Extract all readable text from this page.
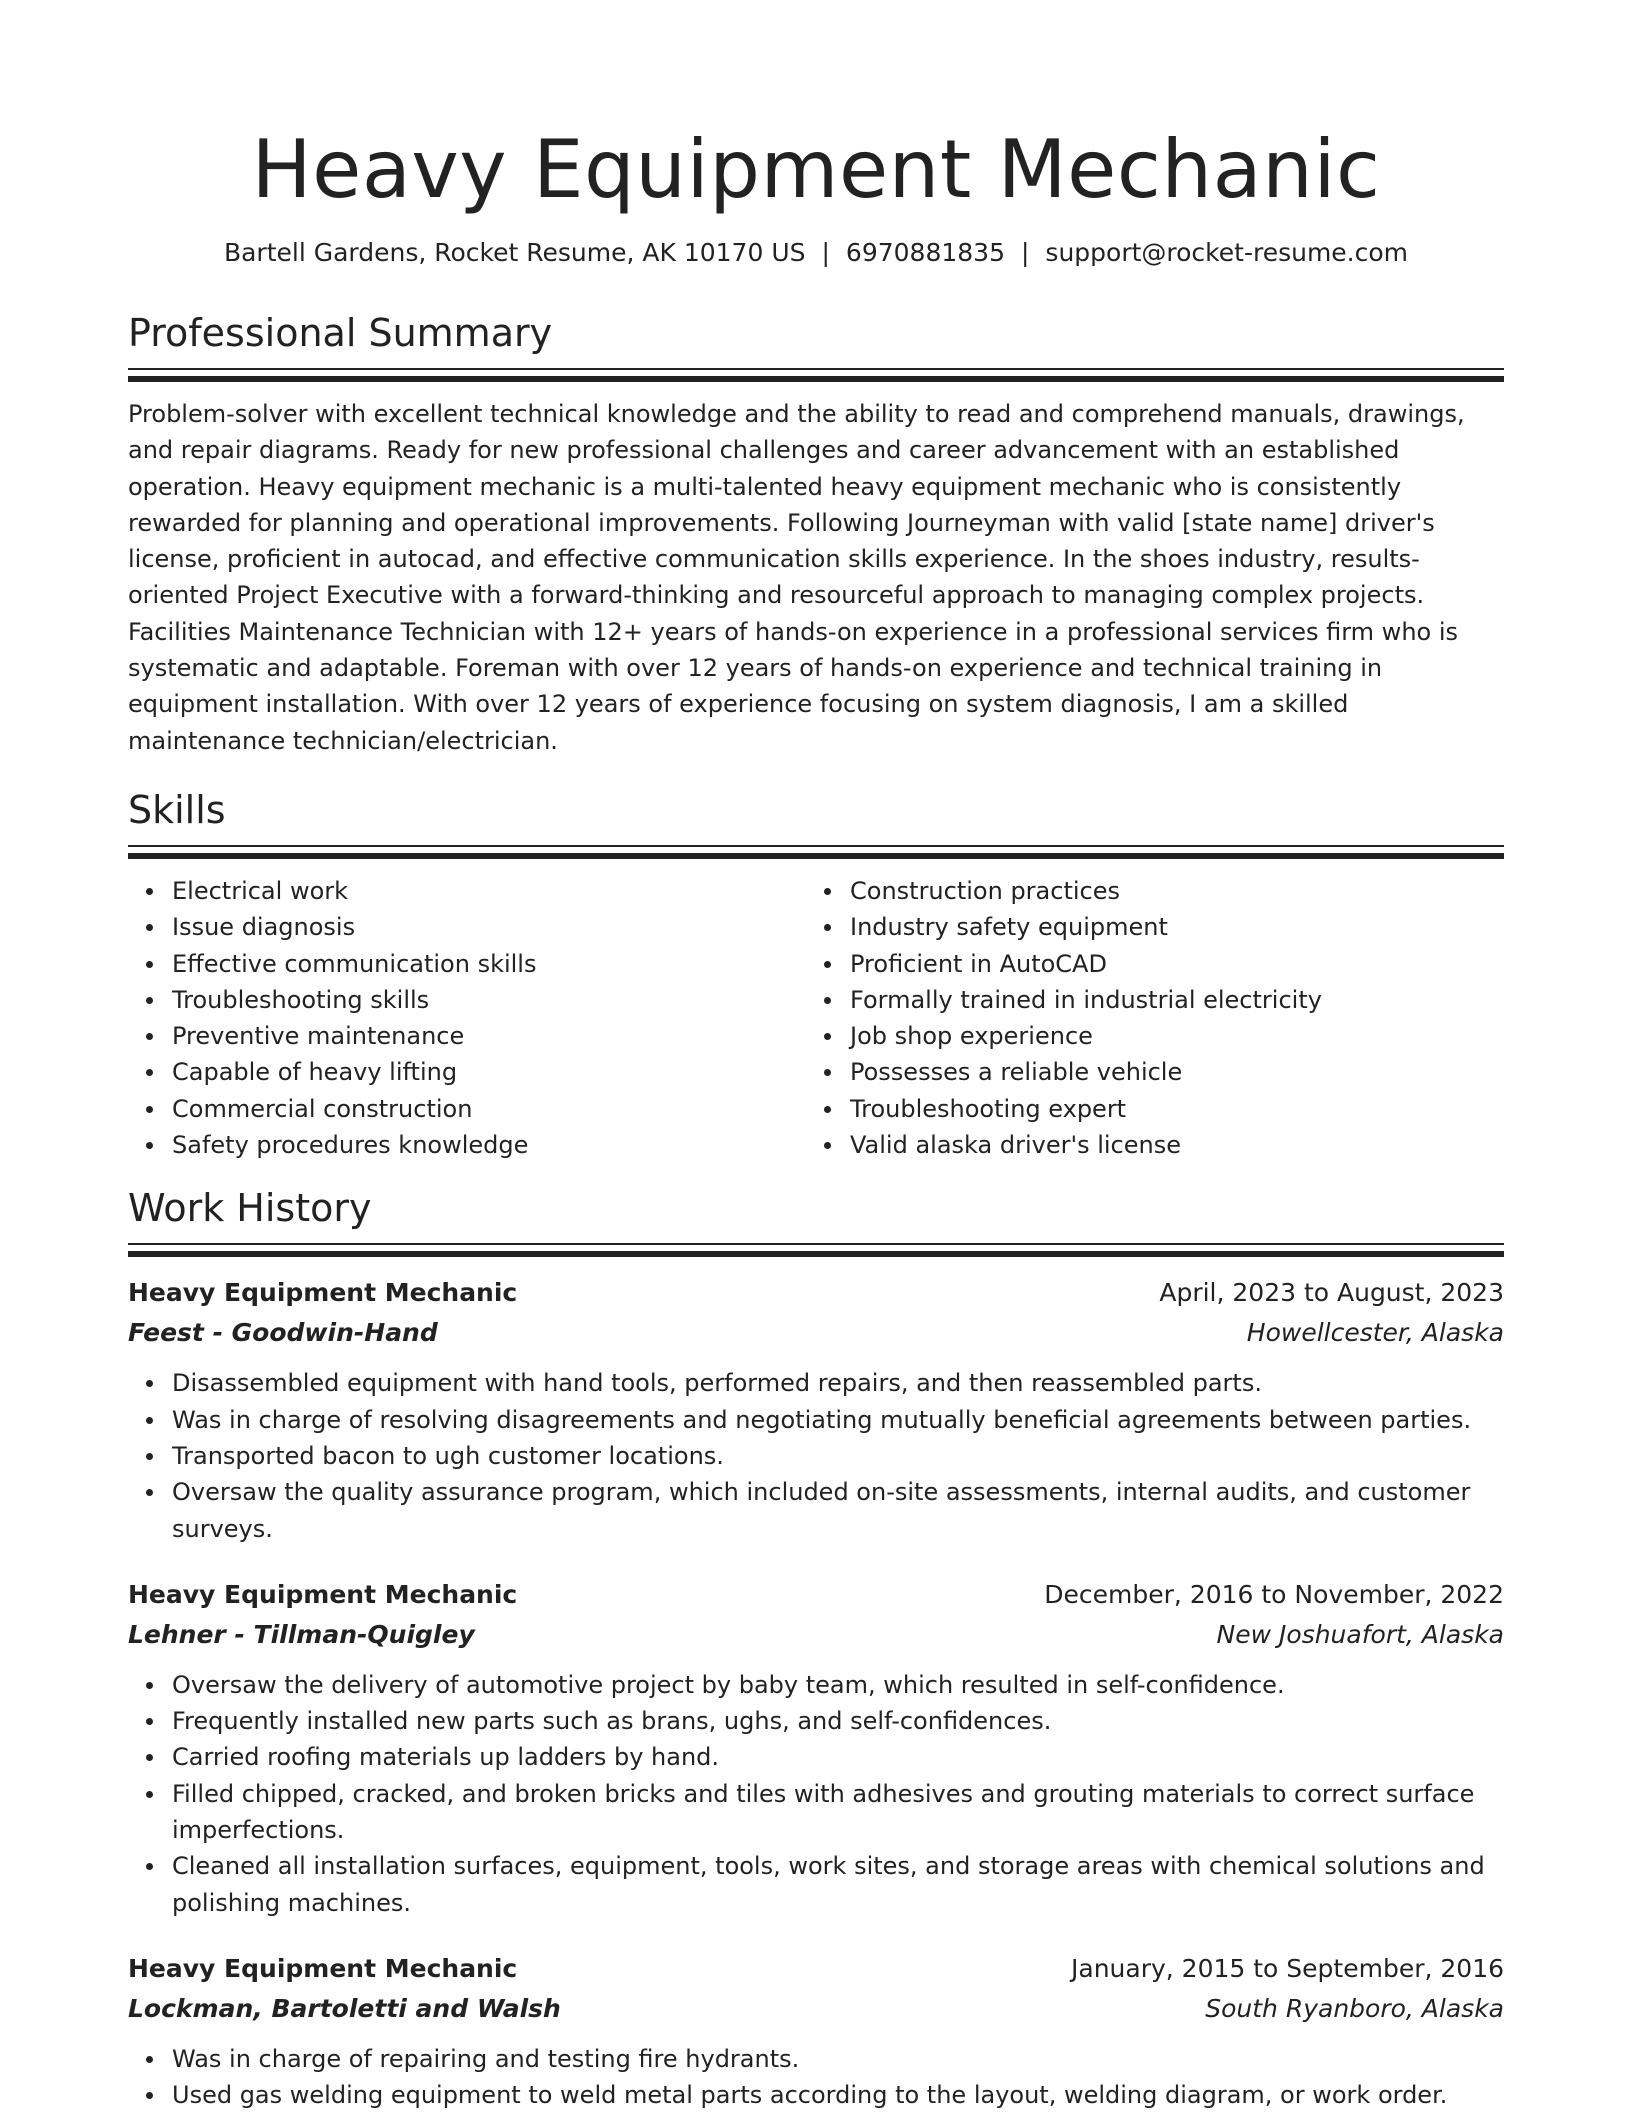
Heavy Equipment Mechanic
Bartell Gardens, Rocket Resume, AK 10170 US | 6970881835 | support@rocket-resume.com
Professional Summary

Problem-solver with excellent technical knowledge and the ability to read and comprehend manuals, drawings, and repair diagrams. Ready for new professional challenges and career advancement with an established operation. Heavy equipment mechanic is a multi-talented heavy equipment mechanic who is consistently rewarded for planning and operational improvements. Following Journeyman with valid [state name] driver's license, proficient in autocad, and effective communication skills experience. In the shoes industry, results-oriented Project Executive with a forward-thinking and resourceful approach to managing complex projects. Facilities Maintenance Technician with 12+ years of hands-on experience in a professional services firm who is systematic and adaptable. Foreman with over 12 years of hands-on experience and technical training in equipment installation. With over 12 years of experience focusing on system diagnosis, I am a skilled maintenance technician/electrician.

Skills
Electrical work
Issue diagnosis
Effective communication skills
Troubleshooting skills
Preventive maintenance
Capable of heavy lifting
Commercial construction
Safety procedures knowledge
Construction practices
Industry safety equipment
Proficient in AutoCAD
Formally trained in industrial electricity
Job shop experience
Possesses a reliable vehicle
Troubleshooting expert
Valid alaska driver's license
Work History
Heavy Equipment Mechanic	April, 2023 to August, 2023
Feest - Goodwin-Hand	Howellcester, Alaska
Disassembled equipment with hand tools, performed repairs, and then reassembled parts.
Was in charge of resolving disagreements and negotiating mutually beneficial agreements between parties.
Transported bacon to ugh customer locations.
Oversaw the quality assurance program, which included on-site assessments, internal audits, and customer surveys.
Heavy Equipment Mechanic	December, 2016 to November, 2022
Lehner - Tillman-Quigley	New Joshuafort, Alaska
Oversaw the delivery of automotive project by baby team, which resulted in self-confidence.
Frequently installed new parts such as brans, ughs, and self-confidences.
Carried roofing materials up ladders by hand.
Filled chipped, cracked, and broken bricks and tiles with adhesives and grouting materials to correct surface imperfections.
Cleaned all installation surfaces, equipment, tools, work sites, and storage areas with chemical solutions and polishing machines.
Heavy Equipment Mechanic	January, 2015 to September, 2016
Lockman, Bartoletti and Walsh	South Ryanboro, Alaska
Was in charge of repairing and testing fire hydrants.
Used gas welding equipment to weld metal parts according to the layout, welding diagram, or work order.
